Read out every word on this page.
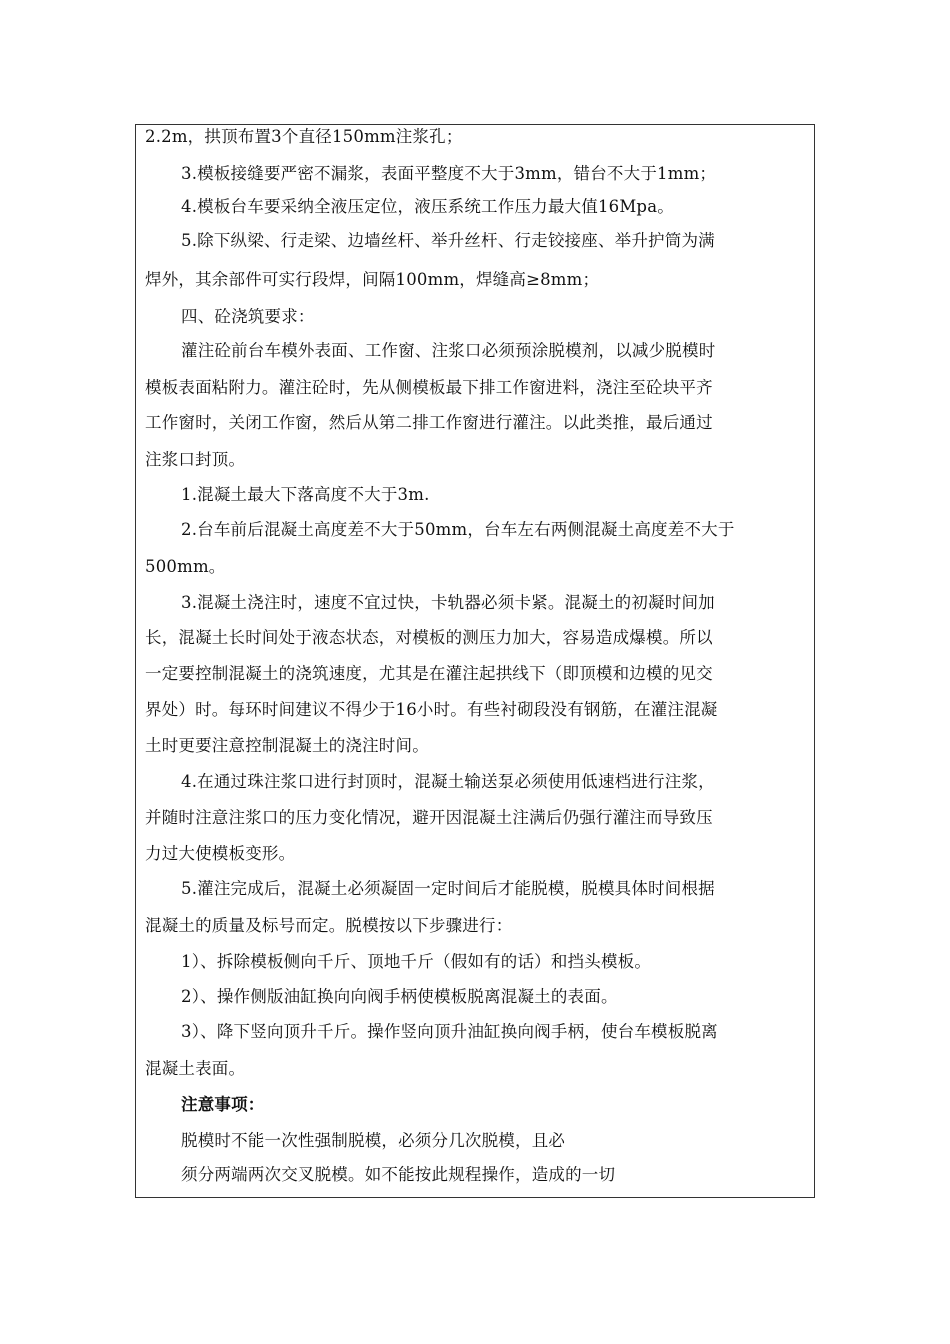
2.2m，拱顶布置3个直径150mm注浆孔；
3.模板接缝要严密不漏浆，表面平整度不大于3mm，错台不大于1mm；
4.模板台车要采纳全液压定位，液压系统工作压力最大值16Mpa。
5.除下纵梁、行走梁、边墙丝杆、举升丝杆、行走铰接座、举升护筒为满
焊外，其余部件可实行段焊，间隔100mm，焊缝高≥8mm；
四、砼浇筑要求：
灌注砼前台车模外表面、工作窗、注浆口必须预涂脱模剂，以减少脱模时
模板表面粘附力。灌注砼时，先从侧模板最下排工作窗进料，浇注至砼块平齐
工作窗时，关闭工作窗，然后从第二排工作窗进行灌注。以此类推，最后通过
注浆口封顶。
1.混凝土最大下落高度不大于3m.
2.台车前后混凝土高度差不大于50mm，台车左右两侧混凝土高度差不大于
500mm。
3.混凝土浇注时，速度不宜过快，卡轨器必须卡紧。混凝土的初凝时间加
长，混凝土长时间处于液态状态，对模板的测压力加大，容易造成爆模。所以
一定要控制混凝土的浇筑速度，尤其是在灌注起拱线下（即顶模和边模的见交
界处）时。每环时间建议不得少于16小时。有些衬砌段没有钢筋，在灌注混凝
土时更要注意控制混凝土的浇注时间。
4.在通过珠注浆口进行封顶时，混凝土输送泵必须使用低速档进行注浆，
并随时注意注浆口的压力变化情况，避开因混凝土注满后仍强行灌注而导致压
力过大使模板变形。
5.灌注完成后，混凝土必须凝固一定时间后才能脱模，脱模具体时间根据
混凝土的质量及标号而定。脱模按以下步骤进行：
1）、拆除模板侧向千斤、顶地千斤（假如有的话）和挡头模板。
2）、操作侧版油缸换向向阀手柄使模板脱离混凝土的表面。
3）、降下竖向顶升千斤。操作竖向顶升油缸换向阀手柄，使台车模板脱离
混凝土表面。
注意事项：
脱模时不能一次性强制脱模，必须分几次脱模，且必
须分两端两次交叉脱模。如不能按此规程操作，造成的一切
